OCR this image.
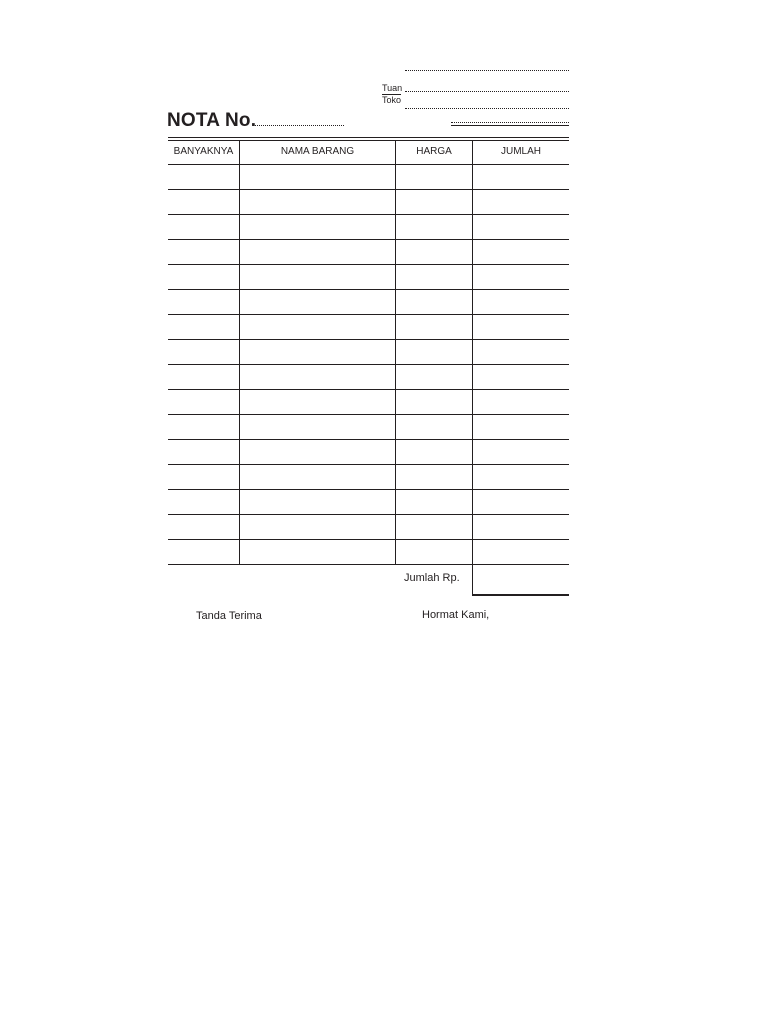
Tuan
Toko
NOTA No.
BANYAKNYA	NAMA BARANG	HARGA	JUMLAH
Jumlah Rp.
Tanda Terima	Hormat Kami,
